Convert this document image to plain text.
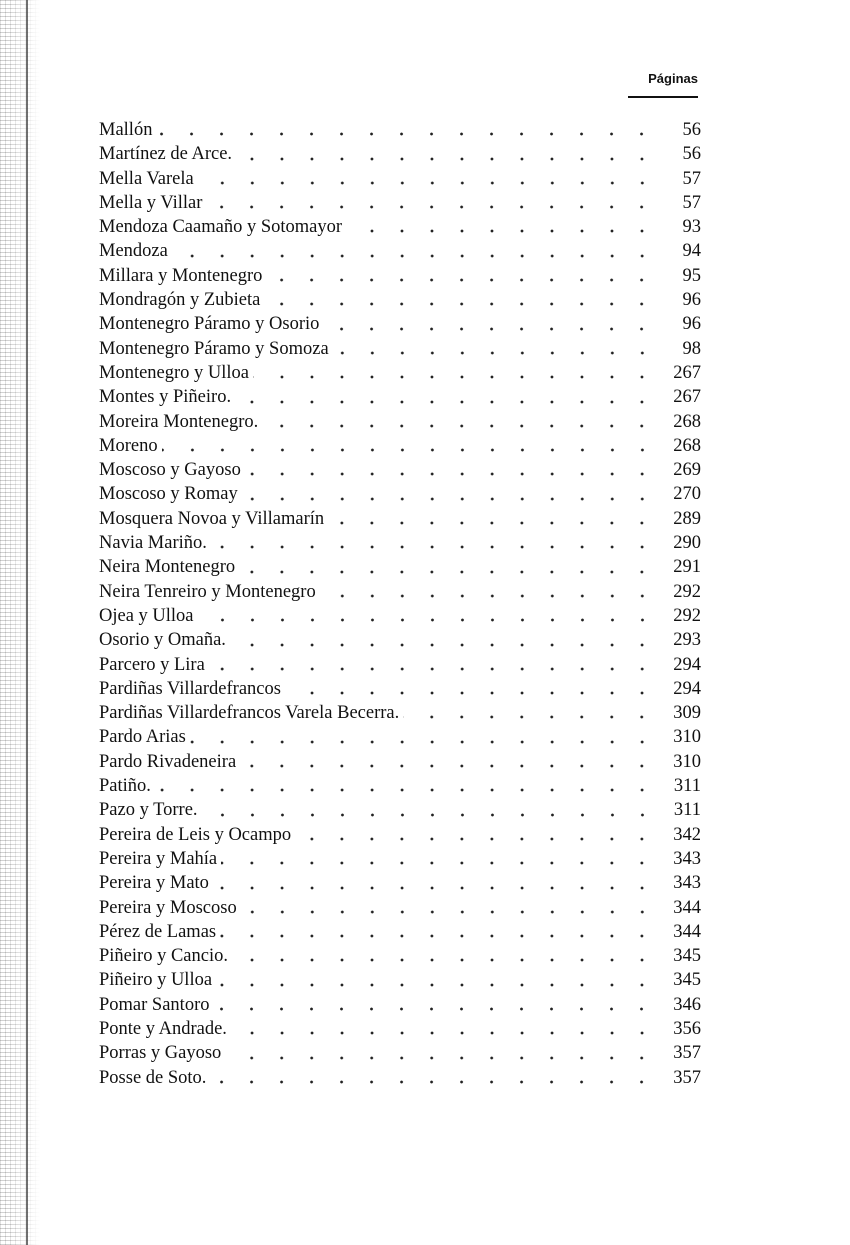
Páginas
Mallón	56
Martínez de Arce.	56
Mella Varela	57
Mella y Villar	57
Mendoza Caamaño y Sotomayor	93
Mendoza	94
Millara y Montenegro	95
Mondragón y Zubieta	96
Montenegro Páramo y Osorio	96
Montenegro Páramo y Somoza	98
Montenegro y Ulloa	267
Montes y Piñeiro.	267
Moreira Montenegro.	268
Moreno	268
Moscoso y Gayoso	269
Moscoso y Romay	270
Mosquera Novoa y Villamarín	289
Navia Mariño.	290
Neira Montenegro	291
Neira Tenreiro y Montenegro	292
Ojea y Ulloa	292
Osorio y Omaña.	293
Parcero y Lira	294
Pardiñas Villardefrancos	294
Pardiñas Villardefrancos Varela Becerra.	309
Pardo Arias	310
Pardo Rivadeneira	310
Patiño.	311
Pazo y Torre.	311
Pereira de Leis y Ocampo	342
Pereira y Mahía	343
Pereira y Mato	343
Pereira y Moscoso	344
Pérez de Lamas	344
Piñeiro y Cancio.	345
Piñeiro y Ulloa	345
Pomar Santoro	346
Ponte y Andrade.	356
Porras y Gayoso	357
Posse de Soto.	357
